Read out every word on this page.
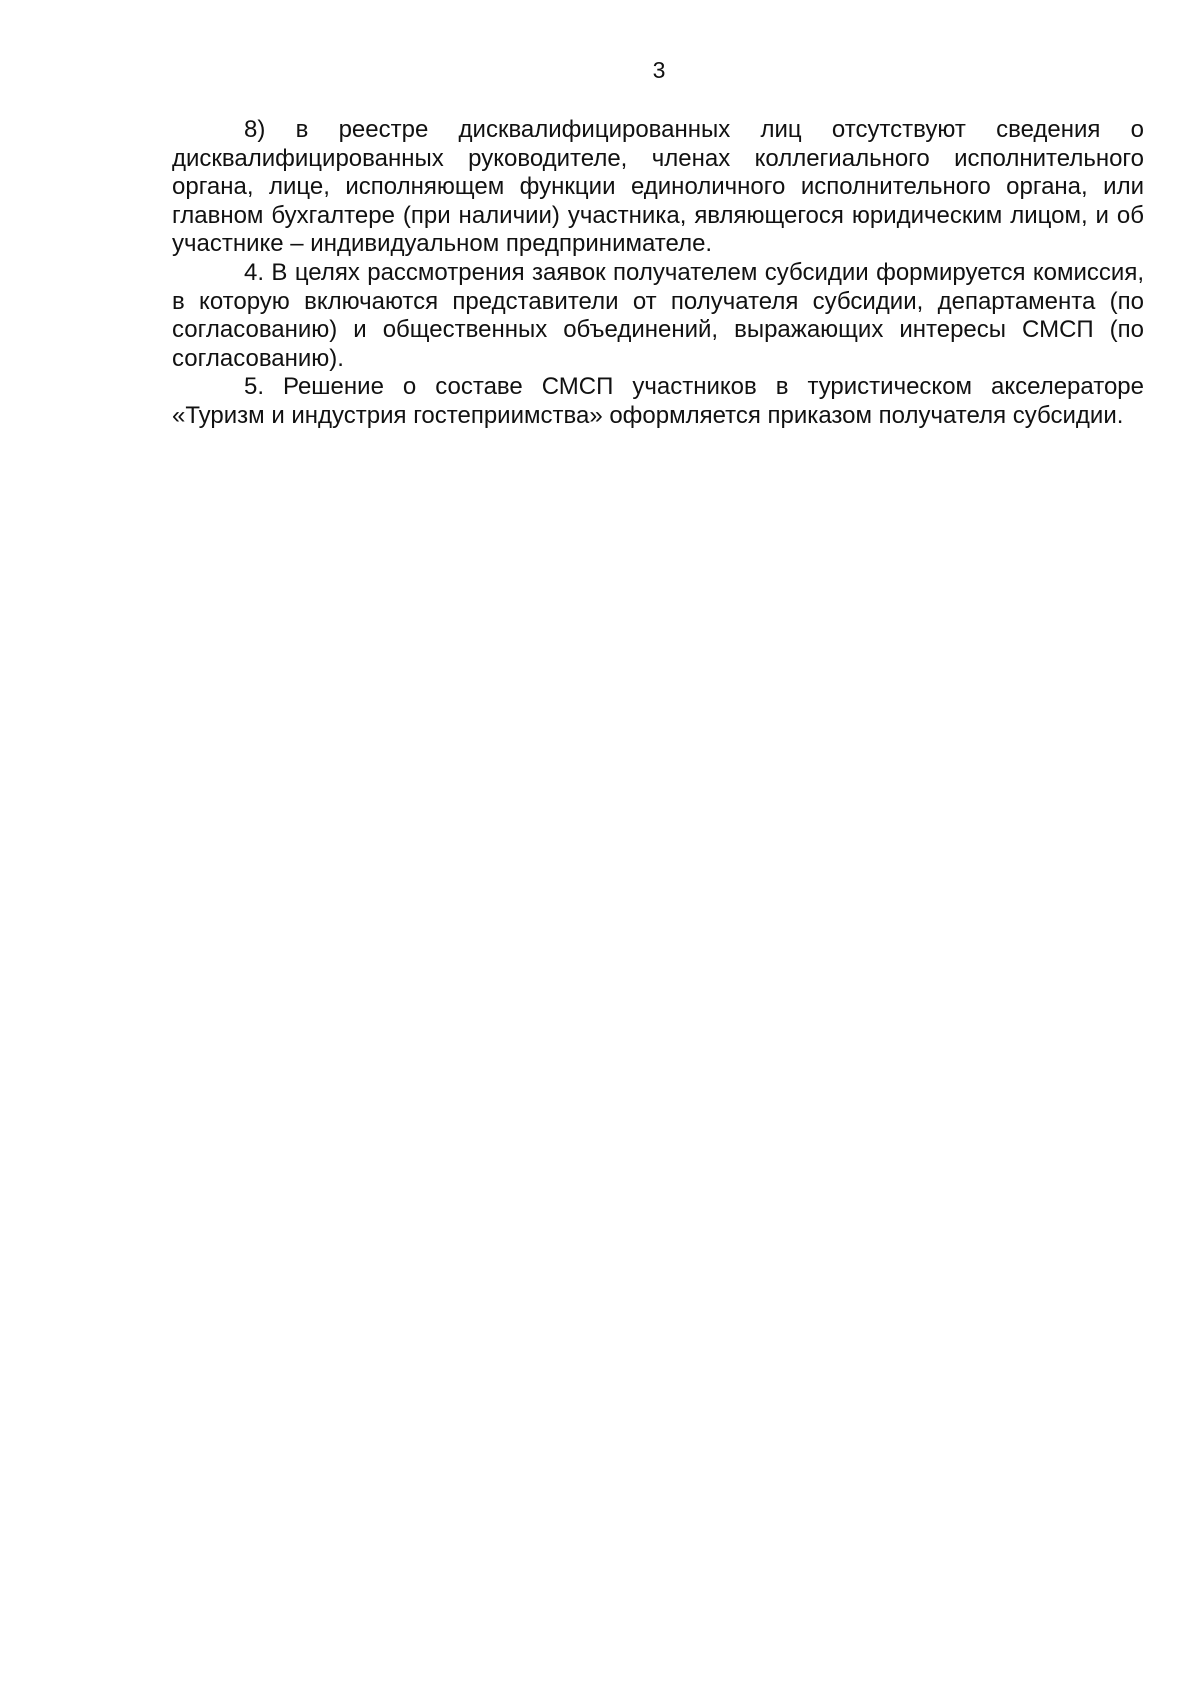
3

8) в реестре дисквалифицированных лиц отсутствуют сведения о дисквалифицированных руководителе, членах коллегиального исполнительного органа, лице, исполняющем функции единоличного исполнительного органа, или главном бухгалтере (при наличии) участника, являющегося юридическим лицом, и об участнике – индивидуальном предпринимателе.

4. В целях рассмотрения заявок получателем субсидии формируется комиссия, в которую включаются представители от получателя субсидии, департамента (по согласованию) и общественных объединений, выражающих интересы СМСП (по согласованию).

5. Решение о составе СМСП участников в туристическом акселераторе «Туризм и индустрия гостеприимства» оформляется приказом получателя субсидии.
